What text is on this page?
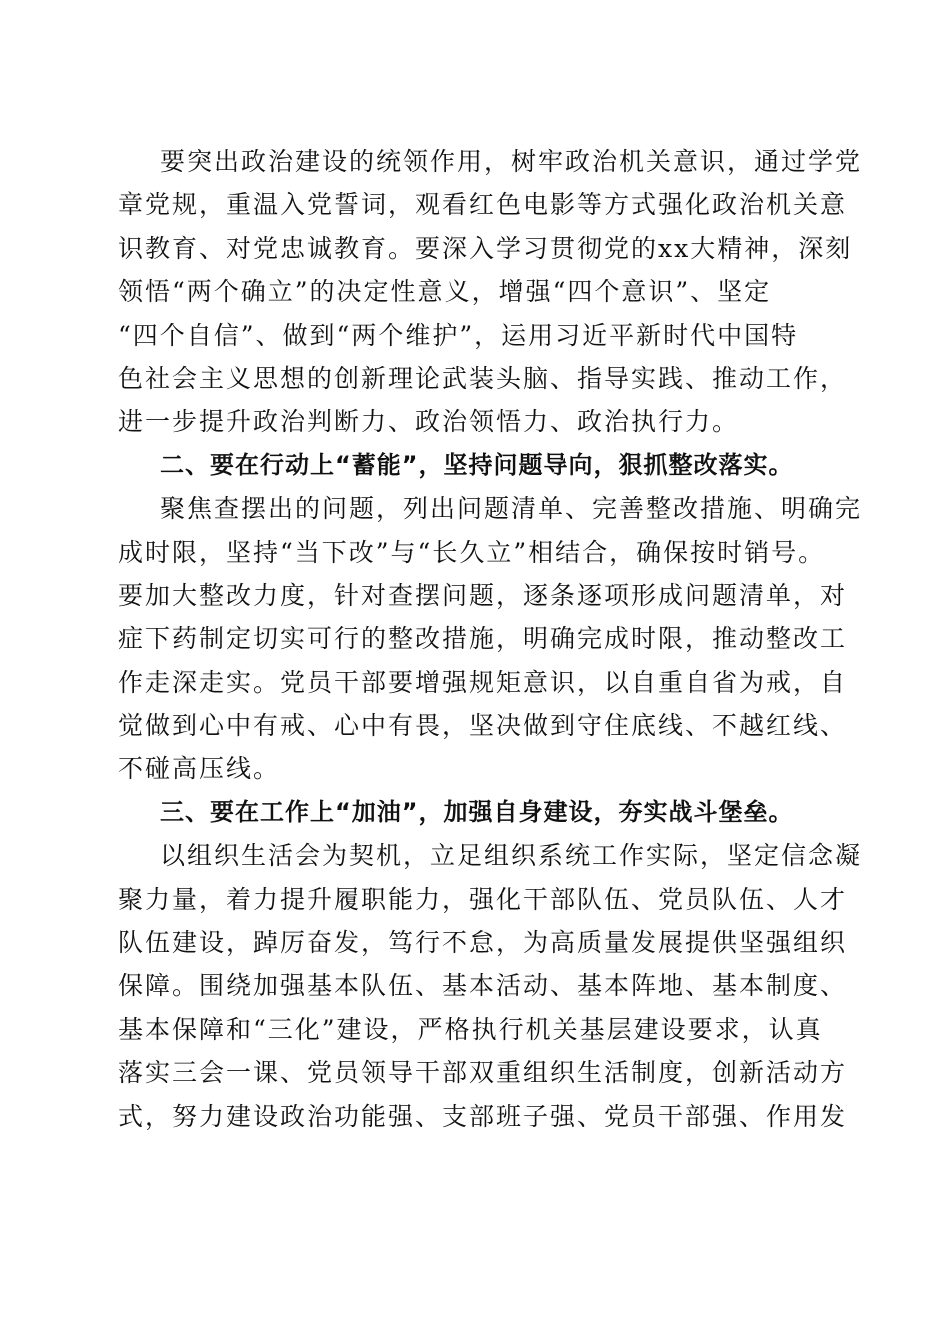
要突出政治建设的统领作用，树牢政治机关意识，通过学党
章党规，重温入党誓词，观看红色电影等方式强化政治机关意
识教育、对党忠诚教育。要深入学习贯彻党的xx大精神，深刻
领悟“两个确立”的决定性意义，增强“四个意识”、坚定
“四个自信”、做到“两个维护”，运用习近平新时代中国特
色社会主义思想的创新理论武装头脑、指导实践、推动工作，
进一步提升政治判断力、政治领悟力、政治执行力。
二、要在行动上“蓄能”，坚持问题导向，狠抓整改落实。
聚焦查摆出的问题，列出问题清单、完善整改措施、明确完
成时限，坚持“当下改”与“长久立”相结合，确保按时销号。
要加大整改力度，针对查摆问题，逐条逐项形成问题清单，对
症下药制定切实可行的整改措施，明确完成时限，推动整改工
作走深走实。党员干部要增强规矩意识，以自重自省为戒，自
觉做到心中有戒、心中有畏，坚决做到守住底线、不越红线、
不碰高压线。
三、要在工作上“加油”，加强自身建设，夯实战斗堡垒。
以组织生活会为契机，立足组织系统工作实际，坚定信念凝
聚力量，着力提升履职能力，强化干部队伍、党员队伍、人才
队伍建设，踔厉奋发，笃行不怠，为高质量发展提供坚强组织
保障。围绕加强基本队伍、基本活动、基本阵地、基本制度、
基本保障和“三化”建设，严格执行机关基层建设要求，认真
落实三会一课、党员领导干部双重组织生活制度，创新活动方
式，努力建设政治功能强、支部班子强、党员干部强、作用发
